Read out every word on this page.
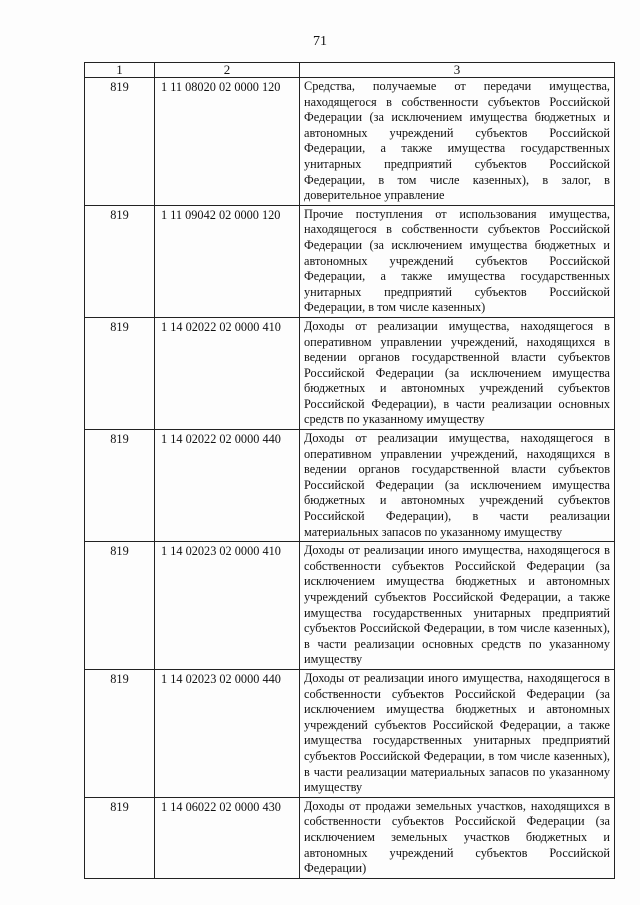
71
1	2	3
819	1 11 08020 02 0000 120	Средства, получаемые от передачи имущества, находящегося в собственности субъектов Российской Федерации (за исключением имущества бюджетных и автономных учреждений субъектов Российской Федерации, а также имущества государственных унитарных предприятий субъектов Российской Федерации, в том числе казенных), в залог, в доверительное управление
819	1 11 09042 02 0000 120	Прочие поступления от использования имущества, находящегося в собственности субъектов Российской Федерации (за исключением имущества бюджетных и автономных учреждений субъектов Российской Федерации, а также имущества государственных унитарных предприятий субъектов Российской Федерации, в том числе казенных)
819	1 14 02022 02 0000 410	Доходы от реализации имущества, находящегося в оперативном управлении учреждений, находящихся в ведении органов государственной власти субъектов Российской Федерации (за исключением имущества бюджетных и автономных учреждений субъектов Российской Федерации), в части реализации основных средств по указанному имуществу
819	1 14 02022 02 0000 440	Доходы от реализации имущества, находящегося в оперативном управлении учреждений, находящихся в ведении органов государственной власти субъектов Российской Федерации (за исключением имущества бюджетных и автономных учреждений субъектов Российской Федерации), в части реализации материальных запасов по указанному имуществу
819	1 14 02023 02 0000 410	Доходы от реализации иного имущества, находящегося в собственности субъектов Российской Федерации (за исключением имущества бюджетных и автономных учреждений субъектов Российской Федерации, а также имущества государственных унитарных предприятий субъектов Российской Федерации, в том числе казенных), в части реализации основных средств по указанному имуществу
819	1 14 02023 02 0000 440	Доходы от реализации иного имущества, находящегося в собственности субъектов Российской Федерации (за исключением имущества бюджетных и автономных учреждений субъектов Российской Федерации, а также имущества государственных унитарных предприятий субъектов Российской Федерации, в том числе казенных), в части реализации материальных запасов по указанному имуществу
819	1 14 06022 02 0000 430	Доходы от продажи земельных участков, находящихся в собственности субъектов Российской Федерации (за исключением земельных участков бюджетных и автономных учреждений субъектов Российской Федерации)
